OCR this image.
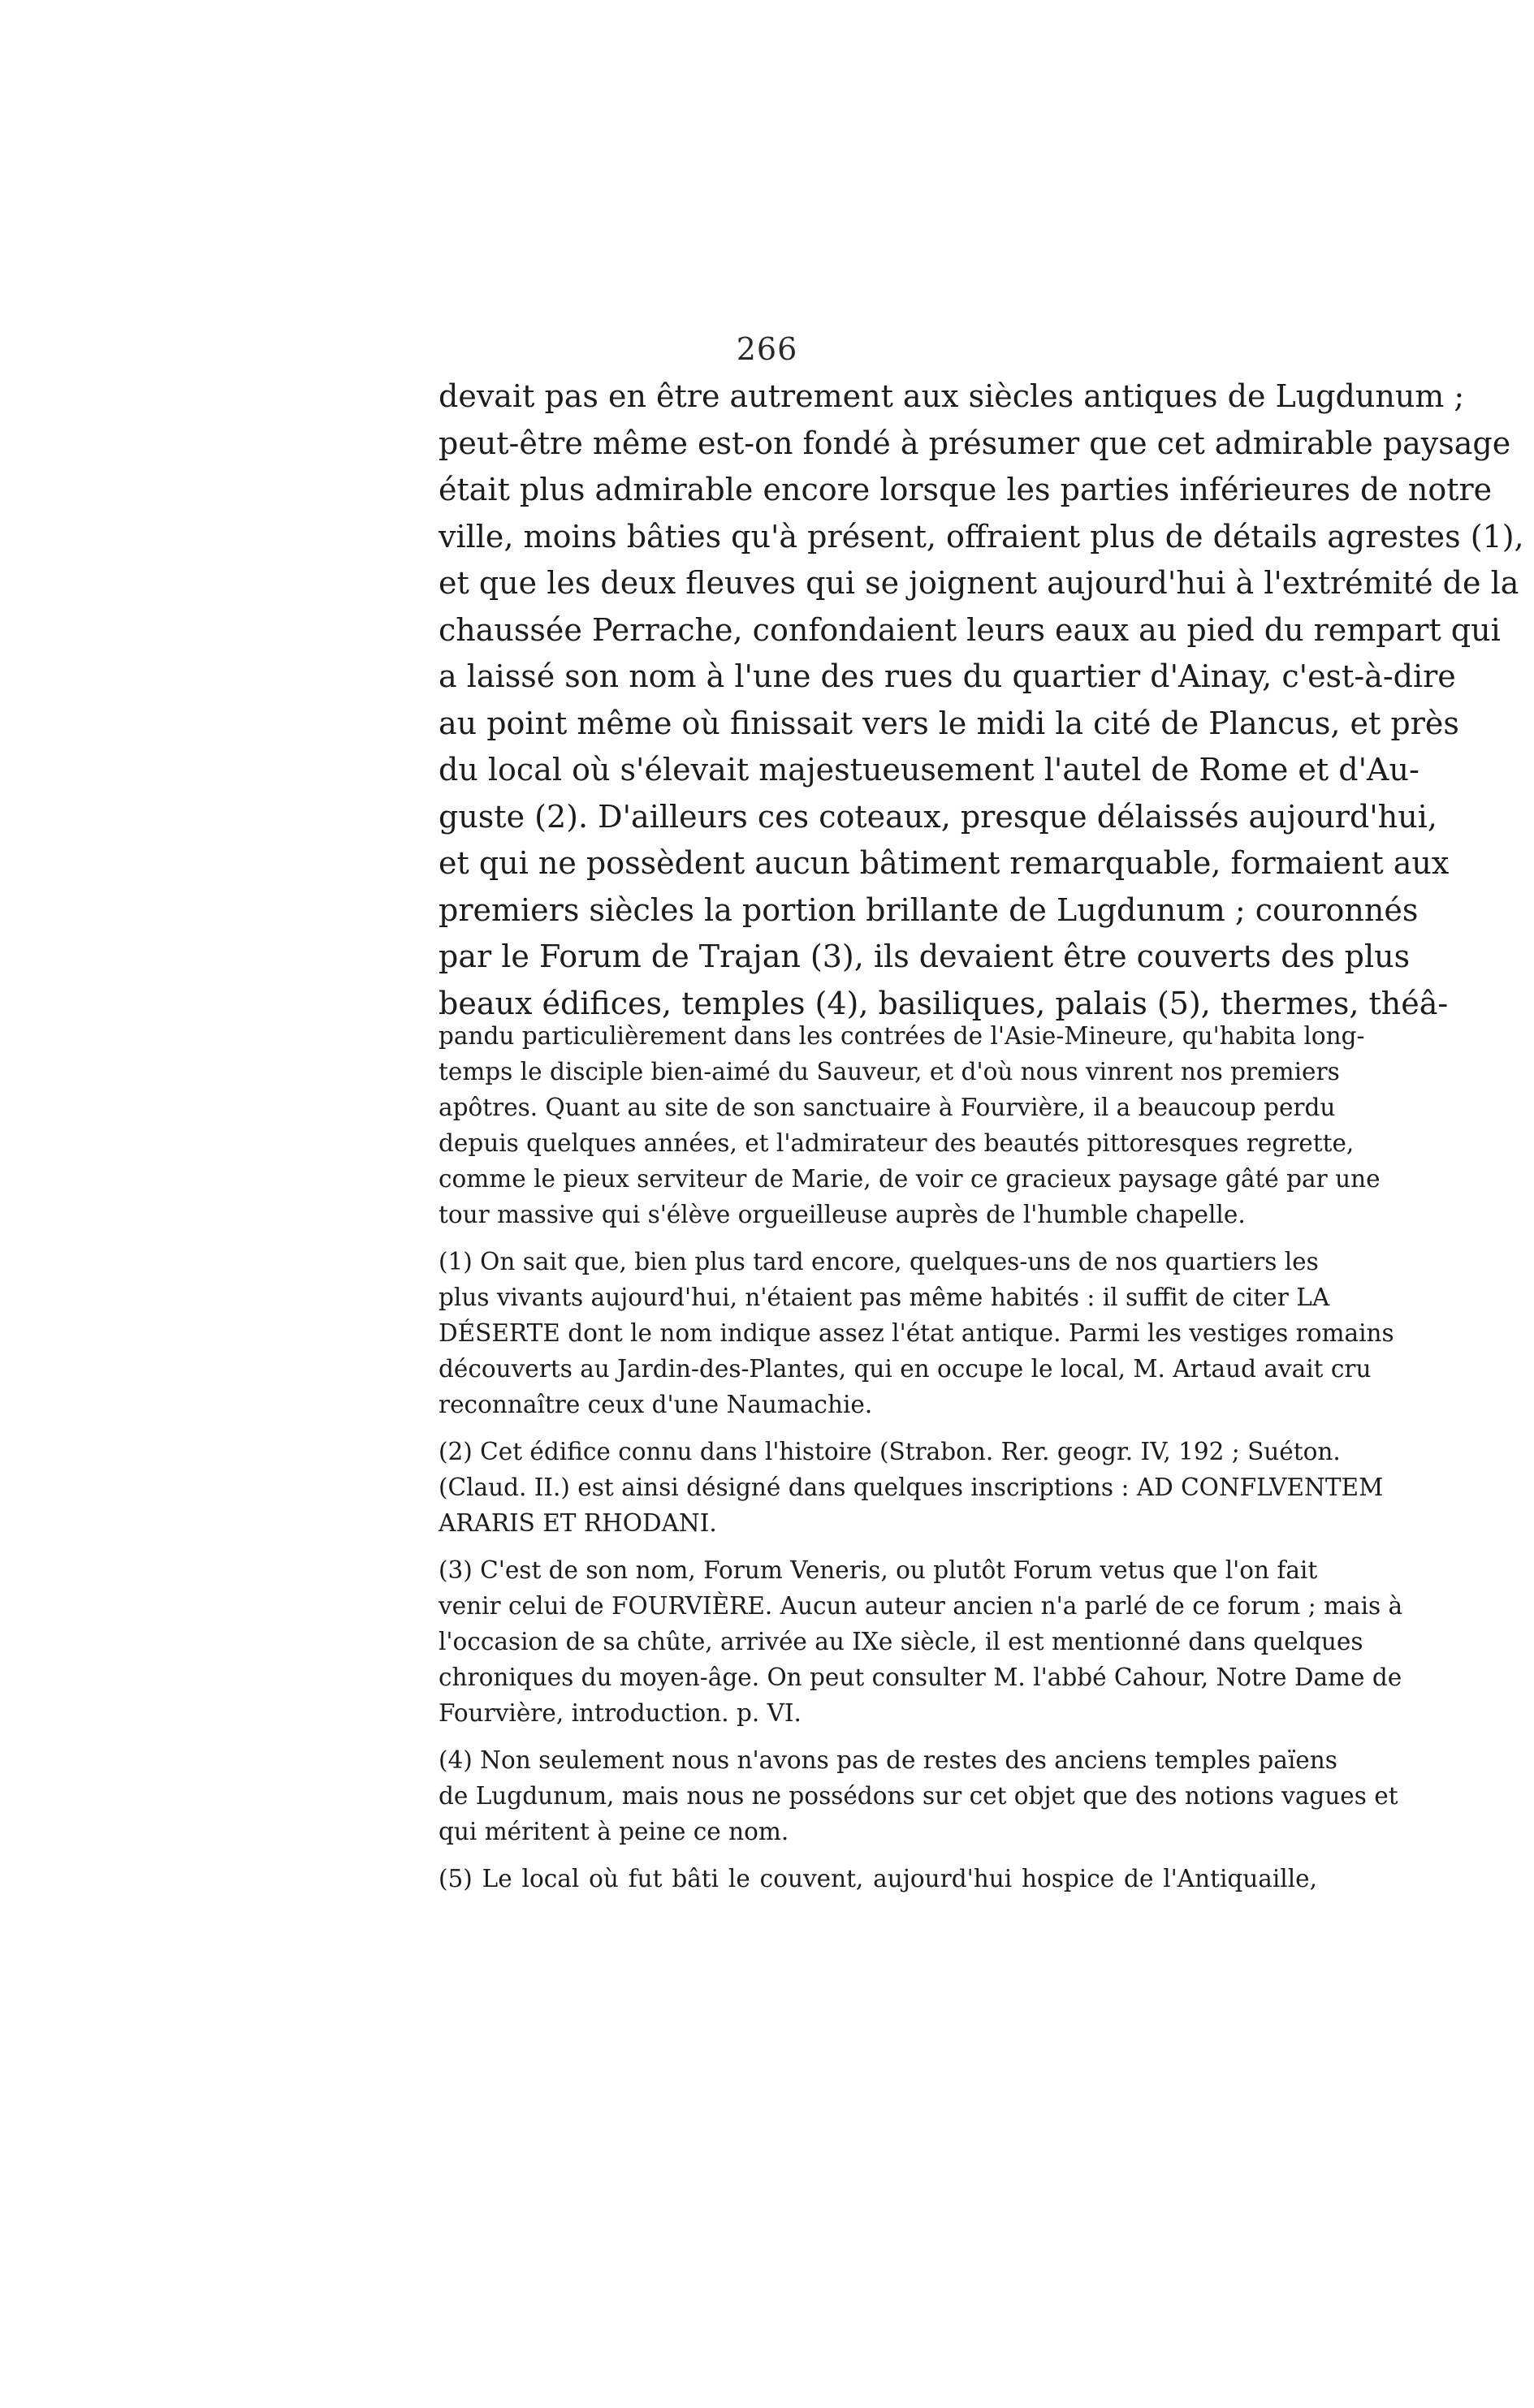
266
devait pas en être autrement aux siècles antiques de Lugdunum ;
peut-être même est-on fondé à présumer que cet admirable paysage
était plus admirable encore lorsque les parties inférieures de notre
ville, moins bâties qu'à présent, offraient plus de détails agrestes (1),
et que les deux fleuves qui se joignent aujourd'hui à l'extrémité de la
chaussée Perrache, confondaient leurs eaux au pied du rempart qui
a laissé son nom à l'une des rues du quartier d'Ainay, c'est-à-dire
au point même où finissait vers le midi la cité de Plancus, et près
du local où s'élevait majestueusement l'autel de Rome et d'Au-
guste (2). D'ailleurs ces coteaux, presque délaissés aujourd'hui,
et qui ne possèdent aucun bâtiment remarquable, formaient aux
premiers siècles la portion brillante de Lugdunum ; couronnés
par le Forum de Trajan (3), ils devaient être couverts des plus
beaux édifices, temples (4), basiliques, palais (5), thermes, théâ-
pandu particulièrement dans les contrées de l'Asie-Mineure, qu'habita long-
temps le disciple bien-aimé du Sauveur, et d'où nous vinrent nos premiers
apôtres. Quant au site de son sanctuaire à Fourvière, il a beaucoup perdu
depuis quelques années, et l'admirateur des beautés pittoresques regrette,
comme le pieux serviteur de Marie, de voir ce gracieux paysage gâté par une
tour massive qui s'élève orgueilleuse auprès de l'humble chapelle.
(1) On sait que, bien plus tard encore, quelques-uns de nos quartiers les
plus vivants aujourd'hui, n'étaient pas même habités : il suffit de citer LA
DÉSERTE dont le nom indique assez l'état antique. Parmi les vestiges romains
découverts au Jardin-des-Plantes, qui en occupe le local, M. Artaud avait cru
reconnaître ceux d'une Naumachie.
(2) Cet édifice connu dans l'histoire (Strabon. Rer. geogr. IV, 192 ; Suéton.
(Claud. II.) est ainsi désigné dans quelques inscriptions : AD CONFLVENTEM
ARARIS ET RHODANI.
(3) C'est de son nom, Forum Veneris, ou plutôt Forum vetus que l'on fait
venir celui de FOURVIÈRE. Aucun auteur ancien n'a parlé de ce forum ; mais à
l'occasion de sa chûte, arrivée au IXe siècle, il est mentionné dans quelques
chroniques du moyen-âge. On peut consulter M. l'abbé Cahour, Notre Dame de
Fourvière, introduction. p. VI.
(4) Non seulement nous n'avons pas de restes des anciens temples païens
de Lugdunum, mais nous ne possédons sur cet objet que des notions vagues et
qui méritent à peine ce nom.
(5) Le local où fut bâti le couvent, aujourd'hui hospice de l'Antiquaille,
